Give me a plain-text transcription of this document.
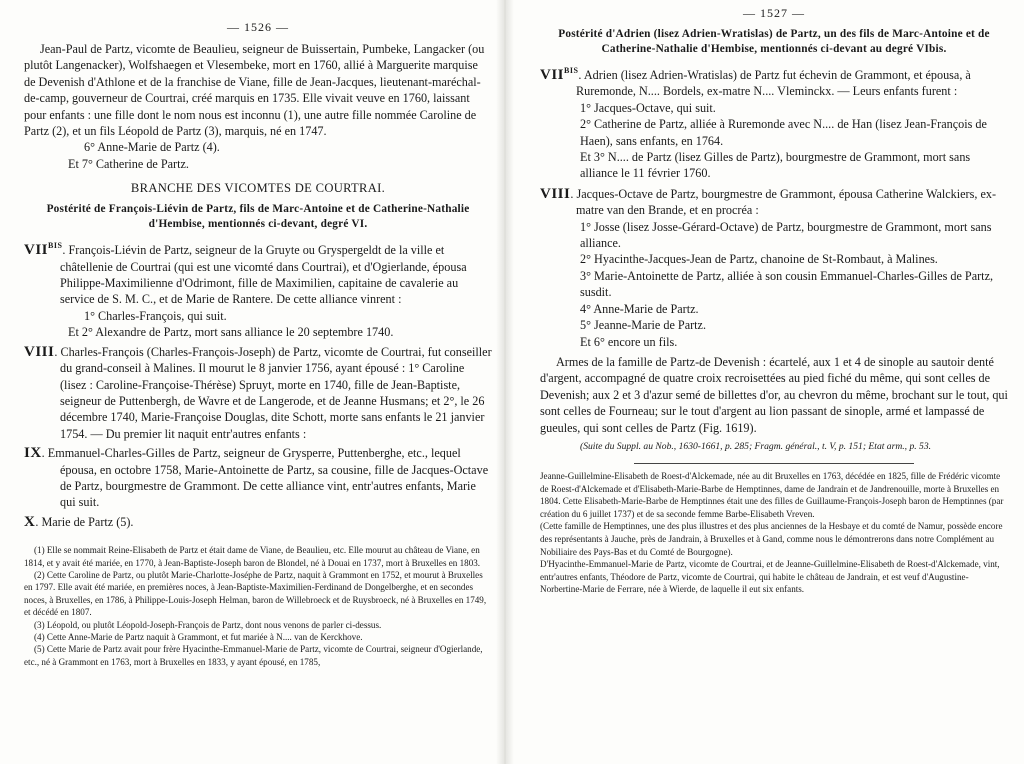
— 1526 —

Jean-Paul de Partz, vicomte de Beaulieu, seigneur de Buissertain, Pumbeke, Langacker (ou plutôt Langenacker), Wolfshaegen et Vlesembeke, mort en 1760, allié à Marguerite marquise de Devenish d'Athlone et de la franchise de Viane, fille de Jean-Jacques, lieutenant-maréchal-de-camp, gouverneur de Courtrai, créé marquis en 1735. Elle vivait veuve en 1760, laissant pour enfants : une fille dont le nom nous est inconnu (1), une autre fille nommée Caroline de Partz (2), et un fils Léopold de Partz (3), marquis, né en 1747.

6° Anne-Marie de Partz (4).

Et 7° Catherine de Partz.

BRANCHE DES VICOMTES DE COURTRAI.

Postérité de François-Liévin de Partz, fils de Marc-Antoine et de Catherine-Nathalie d'Hembise, mentionnés ci-devant, degré VI.

$VII^{BIS}$. François-Liévin de Partz, seigneur de la Gruyte ou Gryspergeldt de la ville et châtellenie de Courtrai (qui est une vicomté dans Courtrai), et d'Ogierlande, épousa Philippe-Maximilienne d'Odrimont, fille de Maximilien, capitaine de cavalerie au service de S. M. C., et de Marie de Rantere. De cette alliance vinrent :

1° Charles-François, qui suit.

Et 2° Alexandre de Partz, mort sans alliance le 20 septembre 1740.

VIII. Charles-François (Charles-François-Joseph) de Partz, vicomte de Courtrai, fut conseiller du grand-conseil à Malines. Il mourut le 8 janvier 1756, ayant épousé : 1° Caroline (lisez : Caroline-Françoise-Thérèse) Spruyt, morte en 1740, fille de Jean-Baptiste, seigneur de Puttenbergh, de Wavre et de Langerode, et de Jeanne Husmans; et 2°, le 26 décembre 1740, Marie-Françoise Douglas, dite Schott, morte sans enfants le 21 janvier 1754. — Du premier lit naquit entr'autres enfants :

IX. Emmanuel-Charles-Gilles de Partz, seigneur de Grysperre, Puttenberghe, etc., lequel épousa, en octobre 1758, Marie-Antoinette de Partz, sa cousine, fille de Jacques-Octave de Partz, bourgmestre de Grammont. De cette alliance vint, entr'autres enfants, Marie qui suit.

X. Marie de Partz (5).

(1) Elle se nommait Reine-Elisabeth de Partz et était dame de Viane, de Beaulieu, etc. Elle mourut au château de Viane, en 1814, et y avait été mariée, en 1770, à Jean-Baptiste-Joseph baron de Blondel, né à Douai en 1737, mort à Bruxelles en 1803.

(2) Cette Caroline de Partz, ou plutôt Marie-Charlotte-Joséphe de Partz, naquit à Grammont en 1752, et mourut à Bruxelles en 1797. Elle avait été mariée, en premières noces, à Jean-Baptiste-Maximilien-Ferdinand de Dongelberghe, et en secondes noces, à Bruxelles, en 1786, à Philippe-Louis-Joseph Helman, baron de Willebroeck et de Ruysbroeck, né à Bruxelles en 1749, et décédé en 1807.

(3) Léopold, ou plutôt Léopold-Joseph-François de Partz, dont nous venons de parler ci-dessus.

(4) Cette Anne-Marie de Partz naquit à Grammont, et fut mariée à N.... van de Kerckhove.

(5) Cette Marie de Partz avait pour frère Hyacinthe-Emmanuel-Marie de Partz, vicomte de Courtrai, seigneur d'Ogierlande, etc., né à Grammont en 1763, mort à Bruxelles en 1833, y ayant épousé, en 1785,

— 1527 —

Postérité d'Adrien (lisez Adrien-Wratislas) de Partz, un des fils de Marc-Antoine et de Catherine-Nathalie d'Hembise, mentionnés ci-devant au degré VIbis.

$VII^{BIS}$. Adrien (lisez Adrien-Wratislas) de Partz fut échevin de Grammont, et épousa, à Ruremonde, N.... Bordels, ex-matre N.... Vleminckx. — Leurs enfants furent :

1° Jacques-Octave, qui suit.

2° Catherine de Partz, alliée à Ruremonde avec N.... de Han (lisez Jean-François de Haen), sans enfants, en 1764.

Et 3° N.... de Partz (lisez Gilles de Partz), bourgmestre de Grammont, mort sans alliance le 11 février 1760.

VIII. Jacques-Octave de Partz, bourgmestre de Grammont, épousa Catherine Walckiers, ex-matre van den Brande, et en procréa :

1° Josse (lisez Josse-Gérard-Octave) de Partz, bourgmestre de Grammont, mort sans alliance.

2° Hyacinthe-Jacques-Jean de Partz, chanoine de St-Rombaut, à Malines.

3° Marie-Antoinette de Partz, alliée à son cousin Emmanuel-Charles-Gilles de Partz, susdit.

4° Anne-Marie de Partz.

5° Jeanne-Marie de Partz.

Et 6° encore un fils.

Armes de la famille de Partz-de Devenish : écartelé, aux 1 et 4 de sinople au sautoir denté d'argent, accompagné de quatre croix recroisettées au pied fiché du même, qui sont celles de Devenish; aux 2 et 3 d'azur semé de billettes d'or, au chevron du même, brochant sur le tout, qui sont celles de Fourneau; sur le tout d'argent au lion passant de sinople, armé et lampassé de gueules, qui sont celles de Partz (Fig. 1619).

(Suite du Suppl. au Nob., 1630-1661, p. 285; Fragm. général., t. V, p. 151; Etat arm., p. 53.

Jeanne-Guillelmine-Elisabeth de Roest-d'Alckemade, née au dit Bruxelles en 1763, décédée en 1825, fille de Frédéric vicomte de Roest-d'Alckemade et d'Elisabeth-Marie-Barbe de Hemptinnes, dame de Jandrain et de Jandrenouille, morte à Bruxelles en 1804. Cette Elisabeth-Marie-Barbe de Hemptinnes était une des filles de Guillaume-François-Joseph baron de Hemptinnes (par création du 6 juillet 1737) et de sa seconde femme Barbe-Elisabeth Vreven.

(Cette famille de Hemptinnes, une des plus illustres et des plus anciennes de la Hesbaye et du comté de Namur, possède encore des représentants à Jauche, près de Jandrain, à Bruxelles et à Gand, comme nous le démontrerons dans notre Complément au Nobiliaire des Pays-Bas et du Comté de Bourgogne).

D'Hyacinthe-Emmanuel-Marie de Partz, vicomte de Courtrai, et de Jeanne-Guillelmine-Elisabeth de Roest-d'Alckemade, vint, entr'autres enfants, Théodore de Partz, vicomte de Courtrai, qui habite le château de Jandrain, et est veuf d'Augustine-Norbertine-Marie de Ferrare, née à Wierde, de laquelle il eut six enfants.
